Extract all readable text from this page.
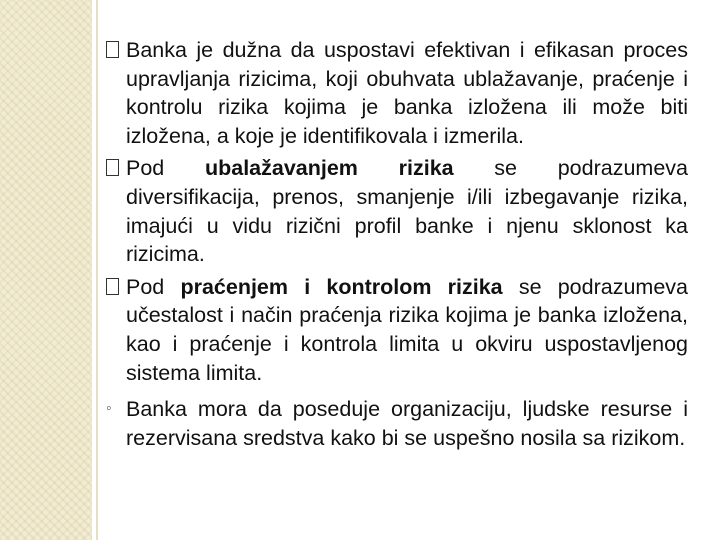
Banka je dužna da uspostavi efektivan i efikasan proces upravljanja rizicima, koji obuhvata ublažavanje, praćenje i kontrolu rizika kojima je banka izložena ili može biti izložena, a koje je identifikovala i izmerila.
Pod ubalažavanjem rizika se podrazumeva diversifikacija, prenos, smanjenje i/ili izbegavanje rizika, imajući u vidu rizični profil banke i njenu sklonost ka rizicima.
Pod praćenjem i kontrolom rizika se podrazumeva učestalost i način praćenja rizika kojima je banka izložena, kao i praćenje i kontrola limita u okviru uspostavljenog sistema limita.
◦ Banka mora da poseduje organizaciju, ljudske resurse i rezervisana sredstva kako bi se uspešno nosila sa rizikom.
